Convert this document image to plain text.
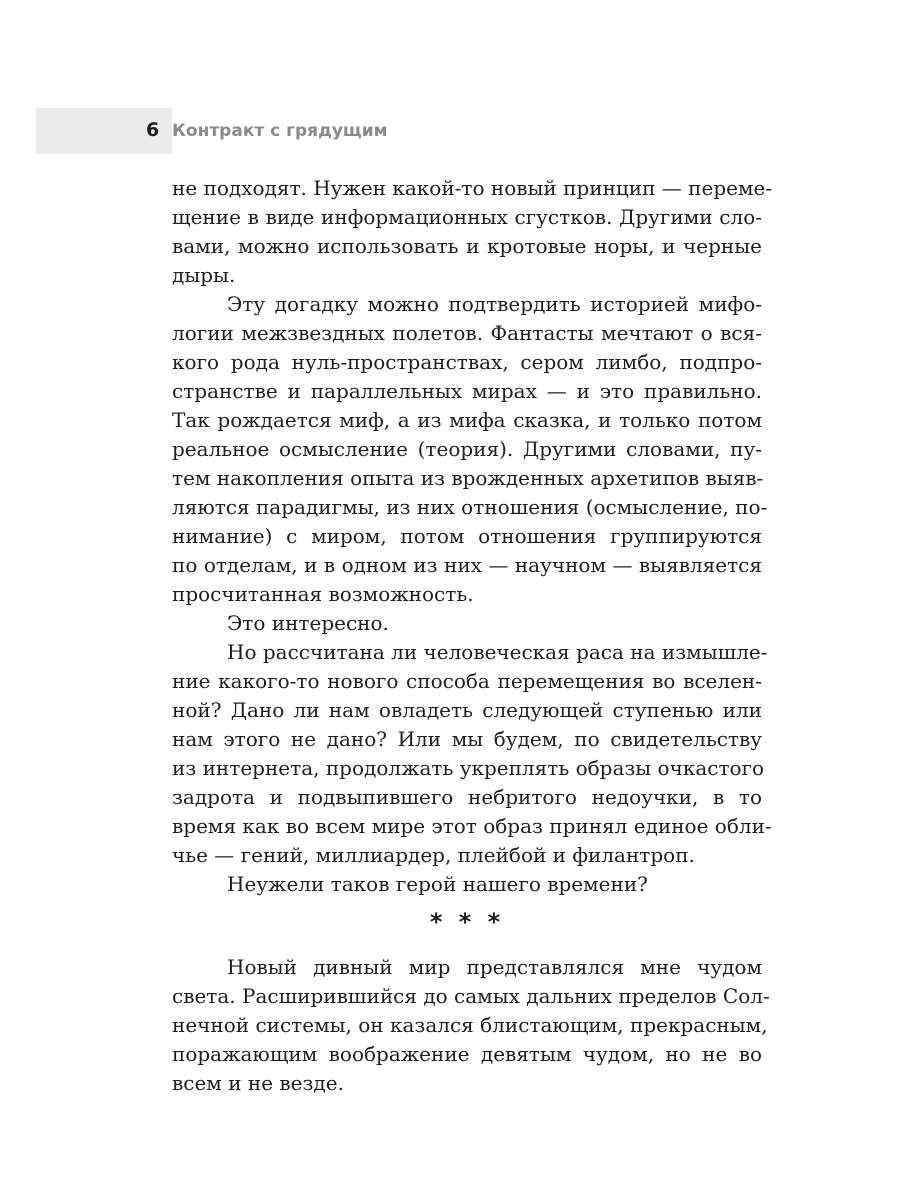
6 Контракт с грядущим
не подходят. Нужен какой-то новый принцип — переме-
щение в виде информационных сгустков. Другими сло-
вами, можно использовать и кротовые норы, и черные
дыры.
Эту догадку можно подтвердить историей мифо-
логии межзвездных полетов. Фантасты мечтают о вся-
кого рода нуль-пространствах, сером лимбо, подпро-
странстве и параллельных мирах — и это правильно.
Так рождается миф, а из мифа сказка, и только потом
реальное осмысление (теория). Другими словами, пу-
тем накопления опыта из врожденных архетипов выяв-
ляются парадигмы, из них отношения (осмысление, по-
нимание) с миром, потом отношения группируются
по отделам, и в одном из них — научном — выявляется
просчитанная возможность.
Это интересно.
Но рассчитана ли человеческая раса на измышле-
ние какого-то нового способа перемещения во вселен-
ной? Дано ли нам овладеть следующей ступенью или
нам этого не дано? Или мы будем, по свидетельству
из интернета, продолжать укреплять образы очкастого
задрота и подвыпившего небритого недоучки, в то
время как во всем мире этот образ принял единое обли-
чье — гений, миллиардер, плейбой и филантроп.
Неужели таков герой нашего времени?
* * *
Новый дивный мир представлялся мне чудом
света. Расширившийся до самых дальних пределов Сол-
нечной системы, он казался блистающим, прекрасным,
поражающим воображение девятым чудом, но не во
всем и не везде.
